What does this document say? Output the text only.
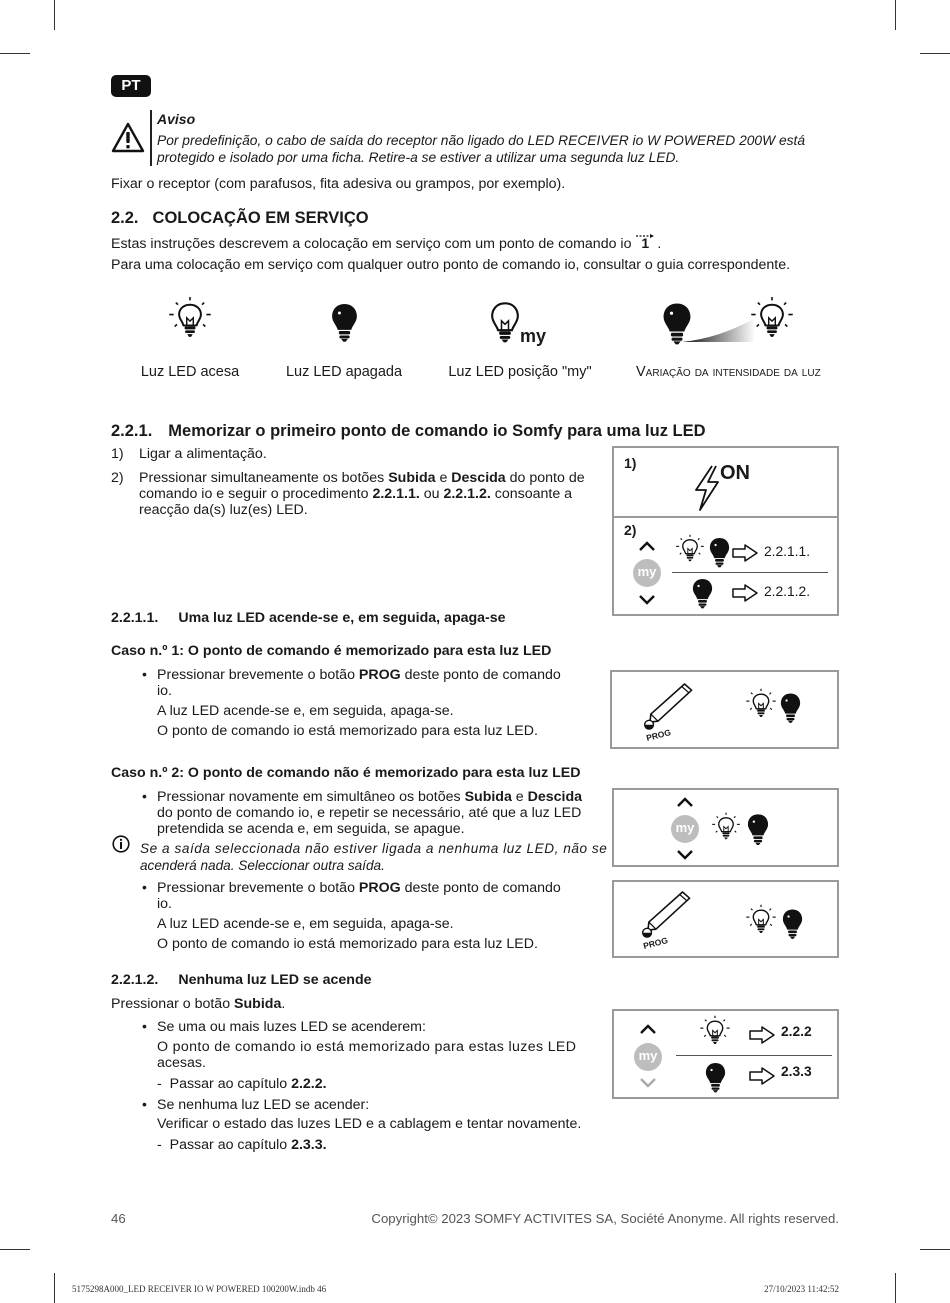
PT
Aviso
Por predefinição, o cabo de saída do receptor não ligado do LED RECEIVER io W POWERED 200W está
protegido e isolado por uma ficha. Retire-a se estiver a utilizar uma segunda luz LED.
Fixar o receptor (com parafusos, fita adesiva ou grampos, por exemplo).
2.2. COLOCAÇÃO EM SERVIÇO
Estas instruções descrevem a colocação em serviço com um ponto de comando io 1 .
Para uma colocação em serviço com qualquer outro ponto de comando io, consultar o guia correspondente.
my
Luz LED acesa	Luz LED apagada	Luz LED posição "my"	Variação da intensidade da luz
2.2.1. Memorizar o primeiro ponto de comando io Somfy para uma luz LED
1) Ligar a alimentação.
2) Pressionar simultaneamente os botões Subida e Descida do ponto de
comando io e seguir o procedimento 2.2.1.1. ou 2.2.1.2. consoante a
reacção da(s) luz(es) LED.
1)	ON
2)
my
2.2.1.1.
2.2.1.2.
2.2.1.1. Uma luz LED acende-se e, em seguida, apaga-se
Caso n.º 1: O ponto de comando é memorizado para esta luz LED
• Pressionar brevemente o botão PROG deste ponto de comando
io.
A luz LED acende-se e, em seguida, apaga-se.
O ponto de comando io está memorizado para esta luz LED.	PROG
Caso n.º 2: O ponto de comando não é memorizado para esta luz LED
• Pressionar novamente em simultâneo os botões Subida e Descida
do ponto de comando io, e repetir se necessário, até que a luz LED
pretendida se acenda e, em seguida, se apague.
Se a saída seleccionada não estiver ligada a nenhuma luz LED, não se
acenderá nada. Seleccionar outra saída.
• Pressionar brevemente o botão PROG deste ponto de comando
io.
A luz LED acende-se e, em seguida, apaga-se.
O ponto de comando io está memorizado para esta luz LED.
my
PROG
2.2.1.2. Nenhuma luz LED se acende
Pressionar o botão Subida.
• Se uma ou mais luzes LED se acenderem:
O ponto de comando io está memorizado para estas luzes LED
acesas.
-  Passar ao capítulo 2.2.2.
• Se nenhuma luz LED se acender:
Verificar o estado das luzes LED e a cablagem e tentar novamente.
-  Passar ao capítulo 2.3.3.
my
2.2.2
2.3.3
46	Copyright© 2023 SOMFY ACTIVITES SA, Société Anonyme. All rights reserved.
5175298A000_LED RECEIVER IO W POWERED 100200W.indb 46	27/10/2023 11:42:52
